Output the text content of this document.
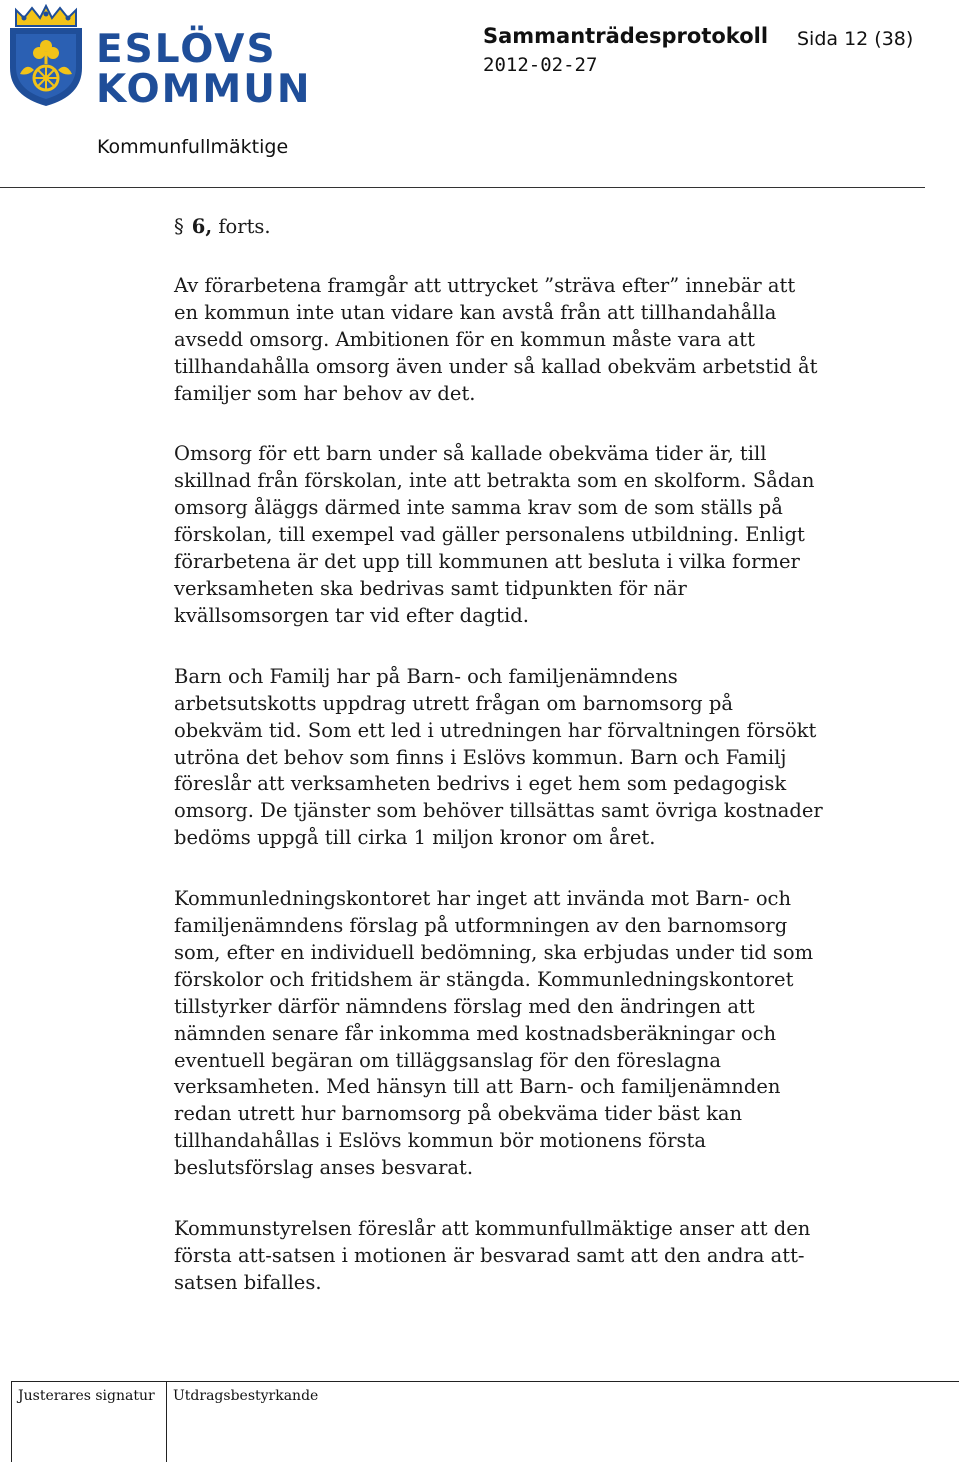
ESLÖVS
KOMMUN
Sammanträdesprotokoll Sida 12 (38)
2012-02-27
Kommunfullmäktige
§ 6, forts.

Av förarbetena framgår att uttrycket ”sträva efter” innebär att en kommun inte utan vidare kan avstå från att tillhandahålla avsedd omsorg. Ambitionen för en kommun måste vara att tillhandahålla omsorg även under så kallad obekväm arbetstid åt familjer som har behov av det.

Omsorg för ett barn under så kallade obekväma tider är, till skillnad från förskolan, inte att betrakta som en skolform. Sådan omsorg åläggs därmed inte samma krav som de som ställs på förskolan, till exempel vad gäller personalens utbildning. Enligt förarbetena är det upp till kommunen att besluta i vilka former verksamheten ska bedrivas samt tidpunkten för när kvällsomsorgen tar vid efter dagtid.

Barn och Familj har på Barn- och familjenämndens arbetsutskotts uppdrag utrett frågan om barnomsorg på obekväm tid. Som ett led i utredningen har förvaltningen försökt utröna det behov som finns i Eslövs kommun. Barn och Familj föreslår att verksamheten bedrivs i eget hem som pedagogisk omsorg. De tjänster som behöver tillsättas samt övriga kostnader bedöms uppgå till cirka 1 miljon kronor om året.

Kommunledningskontoret har inget att invända mot Barn- och familjenämndens förslag på utformningen av den barnomsorg som, efter en individuell bedömning, ska erbjudas under tid som förskolor och fritidshem är stängda. Kommunledningskontoret tillstyrker därför nämndens förslag med den ändringen att nämnden senare får inkomma med kostnadsberäkningar och eventuell begäran om tilläggsanslag för den föreslagna verksamheten. Med hänsyn till att Barn- och familjenämnden redan utrett hur barnomsorg på obekväma tider bäst kan tillhandahållas i Eslövs kommun bör motionens första beslutsförslag anses besvarat.

Kommunstyrelsen föreslår att kommunfullmäktige anser att den första att-satsen i motionen är besvarad samt att den andra att-satsen bifalles.

Justerares signatur Utdragsbestyrkande
